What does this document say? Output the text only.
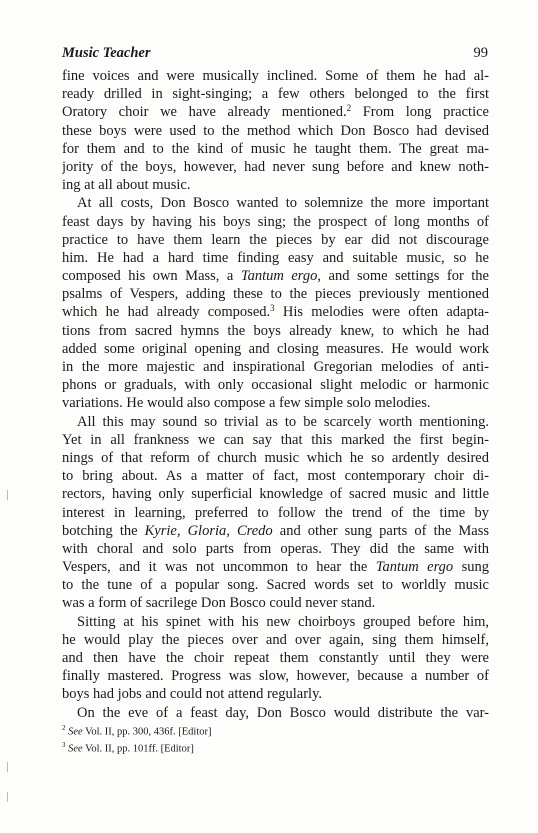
Music Teacher	99
fine voices and were musically inclined. Some of them he had al-
ready drilled in sight-singing; a few others belonged to the first
Oratory choir we have already mentioned.$^2$ From long practice
these boys were used to the method which Don Bosco had devised
for them and to the kind of music he taught them. The great ma-
jority of the boys, however, had never sung before and knew noth-
ing at all about music.
At all costs, Don Bosco wanted to solemnize the more important
feast days by having his boys sing; the prospect of long months of
practice to have them learn the pieces by ear did not discourage
him. He had a hard time finding easy and suitable music, so he
composed his own Mass, a Tantum ergo, and some settings for the
psalms of Vespers, adding these to the pieces previously mentioned
which he had already composed.$^3$ His melodies were often adapta-
tions from sacred hymns the boys already knew, to which he had
added some original opening and closing measures. He would work
in the more majestic and inspirational Gregorian melodies of anti-
phons or graduals, with only occasional slight melodic or harmonic
variations. He would also compose a few simple solo melodies.
All this may sound so trivial as to be scarcely worth mentioning.
Yet in all frankness we can say that this marked the first begin-
nings of that reform of church music which he so ardently desired
to bring about. As a matter of fact, most contemporary choir di-
rectors, having only superficial knowledge of sacred music and little
interest in learning, preferred to follow the trend of the time by
botching the Kyrie, Gloria, Credo and other sung parts of the Mass
with choral and solo parts from operas. They did the same with
Vespers, and it was not uncommon to hear the Tantum ergo sung
to the tune of a popular song. Sacred words set to worldly music
was a form of sacrilege Don Bosco could never stand.
Sitting at his spinet with his new choirboys grouped before him,
he would play the pieces over and over again, sing them himself,
and then have the choir repeat them constantly until they were
finally mastered. Progress was slow, however, because a number of
boys had jobs and could not attend regularly.
On the eve of a feast day, Don Bosco would distribute the var-
$^2$ See Vol. II, pp. 300, 436f. [Editor]
$^3$ See Vol. II, pp. 101ff. [Editor]
